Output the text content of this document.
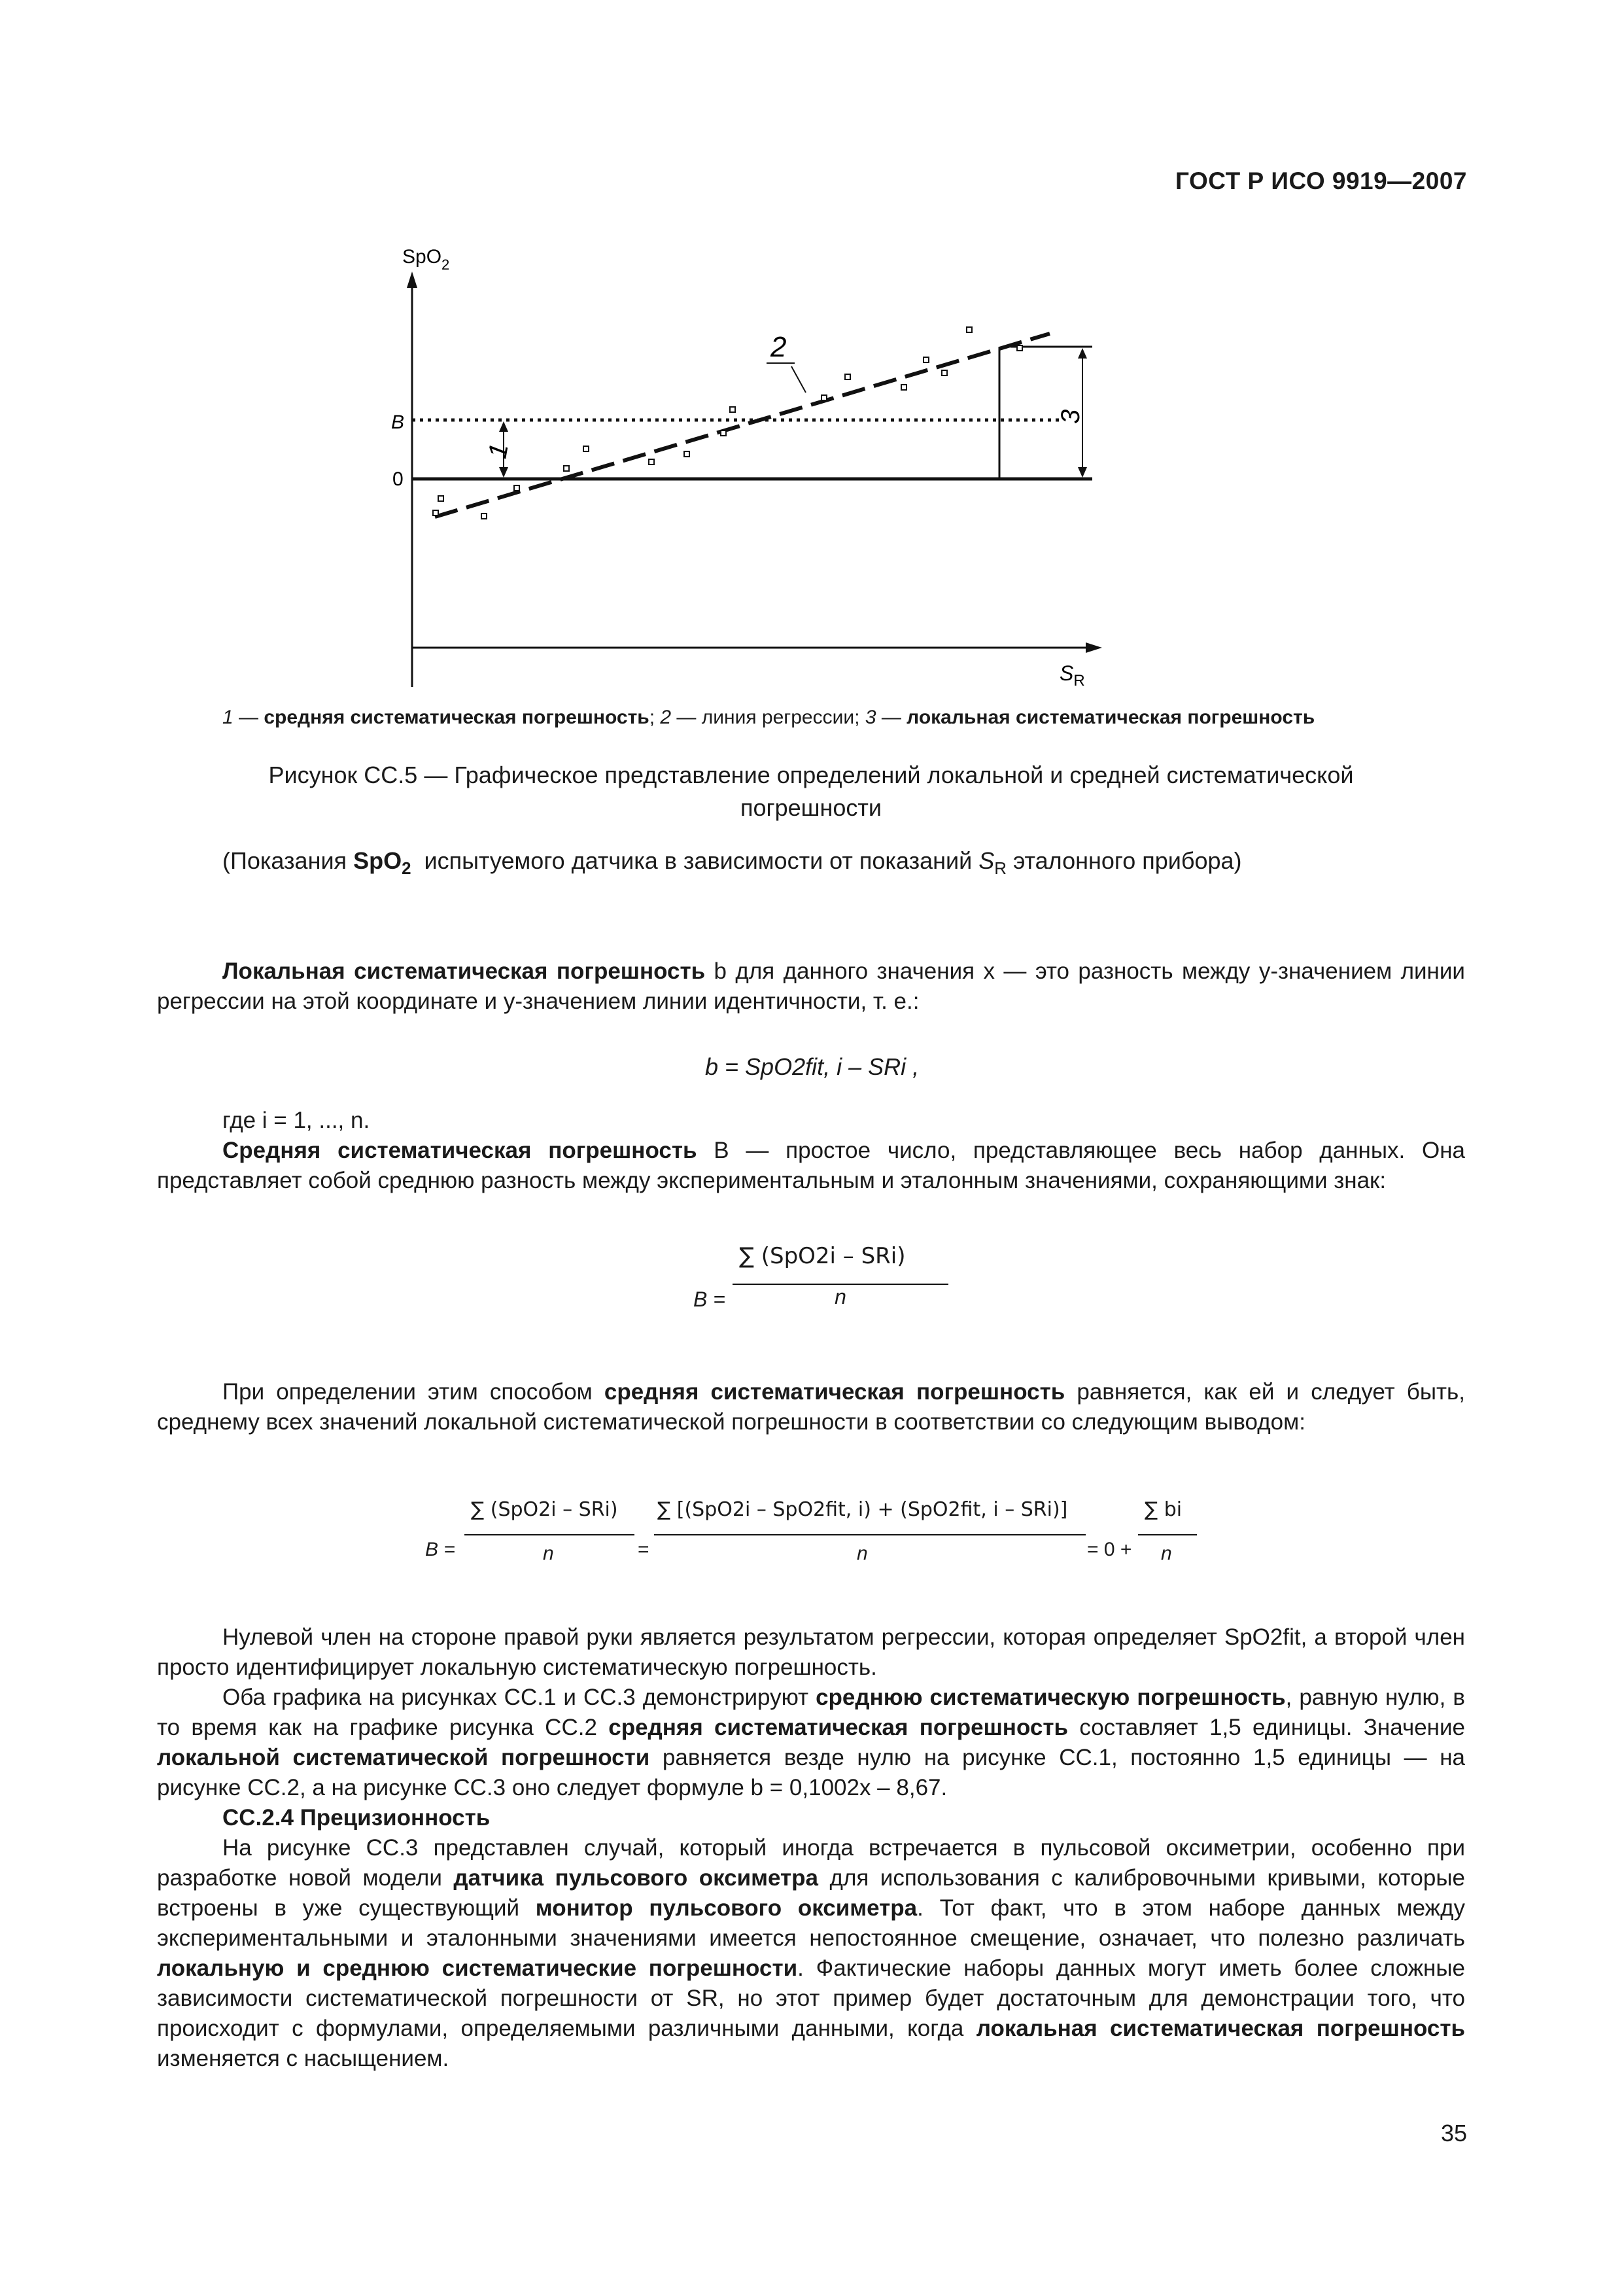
ГОСТ Р ИСО 9919—2007
SpO$_2$
$S_R$
B
0
1
3
2
1 — средняя систематическая погрешность; 2 — линия регрессии; 3 — локальная систематическая погрешность
Рисунок CC.5 — Графическое представление определений локальной и средней систематической
погрешности
(Показания SpO$_2$ испытуемого датчика в зависимости от показаний $S_R$ эталонного прибора)

Локальная систематическая погрешность b для данного значения x — это разность между у-значением линии регрессии на этой координате и y-значением линии идентичности, т. е.:

b = SpO2fit, i – SRi ,

где i = 1, ..., n.

Средняя систематическая погрешность B — простое число, представляющее весь набор данных. Она представляет собой среднюю разность между экспериментальным и эталонным значениями, сохраняющими знак:

∑ (SpO2i – SRi)
B =	n

При определении этим способом средняя систематическая погрешность равняется, как ей и следует быть, среднему всех значений локальной систематической погрешности в соответствии со следующим выводом:

∑ (SpO2i – SRi)
B =	n	=
∑ [(SpO2i – SpO2fit, i) + (SpO2fit, i – SRi)]
n	= 0 +
∑ bi
n

Нулевой член на стороне правой руки является результатом регрессии, которая определяет SpO2fit, а второй член просто идентифицирует локальную систематическую погрешность.

Оба графика на рисунках CC.1 и CC.3 демонстрируют среднюю систематическую погрешность, равную нулю, в то время как на графике рисунка CC.2 средняя систематическая погрешность составляет 1,5 единицы. Значение локальной систематической погрешности равняется везде нулю на рисунке CC.1, постоянно 1,5 единицы — на рисунке CC.2, а на рисунке CC.3 оно следует формуле b = 0,1002x – 8,67.

CC.2.4 Прецизионность

На рисунке CC.3 представлен случай, который иногда встречается в пульсовой оксиметрии, особенно при разработке новой модели датчика пульсового оксиметра для использования с калибровочными кривыми, которые встроены в уже существующий монитор пульсового оксиметра. Тот факт, что в этом наборе данных между экспериментальными и эталонными значениями имеется непостоянное смещение, означает, что полезно различать локальную и среднюю систематические погрешности. Фактические наборы данных могут иметь более сложные зависимости систематической погрешности от SR, но этот пример будет достаточным для демонстрации того, что происходит с формулами, определяемыми различными данными, когда локальная систематическая погрешность изменяется с насыщением.

35
